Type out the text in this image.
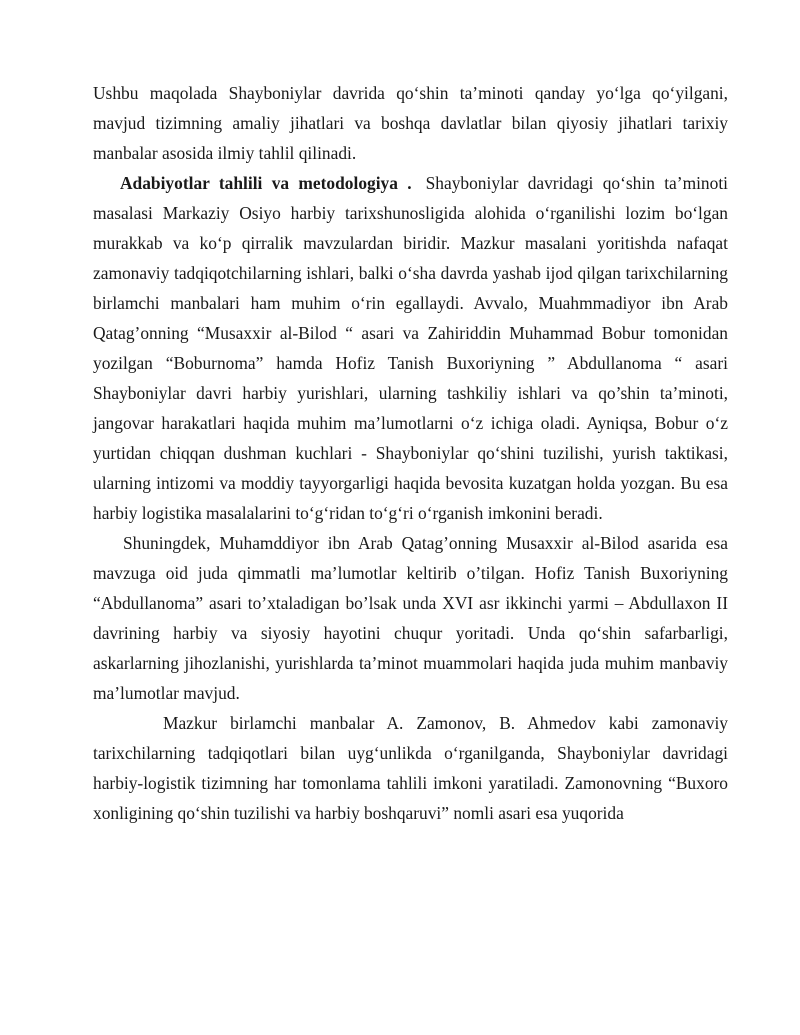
Ushbu maqolada Shayboniylar davrida qo‘shin ta’minoti qanday yo‘lga qo‘yilgani, mavjud tizimning amaliy jihatlari va boshqa davlatlar bilan qiyosiy jihatlari tarixiy manbalar asosida ilmiy tahlil qilinadi.

Adabiyotlar tahlili va metodologiya . Shayboniylar davridagi qo‘shin ta’minoti masalasi Markaziy Osiyo harbiy tarixshunosligida alohida o‘rganilishi lozim bo‘lgan murakkab va ko‘p qirralik mavzulardan biridir. Mazkur masalani yoritishda nafaqat zamonaviy tadqiqotchilarning ishlari, balki o‘sha davrda yashab ijod qilgan tarixchilarning birlamchi manbalari ham muhim o‘rin egallaydi. Avvalo, Muahmmadiyor ibn Arab Qatag’onning “Musaxxir al-Bilod “ asari va Zahiriddin Muhammad Bobur tomonidan yozilgan “Boburnoma” hamda Hofiz Tanish Buxoriyning ” Abdullanoma “ asari Shayboniylar davri harbiy yurishlari, ularning tashkiliy ishlari va qo’shin ta’minoti, jangovar harakatlari haqida muhim ma’lumotlarni o‘z ichiga oladi. Ayniqsa, Bobur o‘z yurtidan chiqqan dushman kuchlari - Shayboniylar qo‘shini tuzilishi, yurish taktikasi, ularning intizomi va moddiy tayyorgarligi haqida bevosita kuzatgan holda yozgan. Bu esa harbiy logistika masalalarini to‘g‘ridan to‘g‘ri o‘rganish imkonini beradi.

Shuningdek, Muhamddiyor ibn Arab Qatag’onning Musaxxir al-Bilod asarida esa mavzuga oid juda qimmatli ma’lumotlar keltirib o’tilgan. Hofiz Tanish Buxoriyning “Abdullanoma” asari to’xtaladigan bo’lsak unda XVI asr ikkinchi yarmi – Abdullaxon II davrining harbiy va siyosiy hayotini chuqur yoritadi. Unda qo‘shin safarbarligi, askarlarning jihozlanishi, yurishlarda ta’minot muammolari haqida juda muhim manbaviy ma’lumotlar mavjud.

Mazkur birlamchi manbalar A. Zamonov, B. Ahmedov kabi zamonaviy tarixchilarning tadqiqotlari bilan uyg‘unlikda o‘rganilganda, Shayboniylar davridagi harbiy-logistik tizimning har tomonlama tahlili imkoni yaratiladi. Zamonovning “Buxoro xonligining qo‘shin tuzilishi va harbiy boshqaruvi” nomli asari esa yuqorida
